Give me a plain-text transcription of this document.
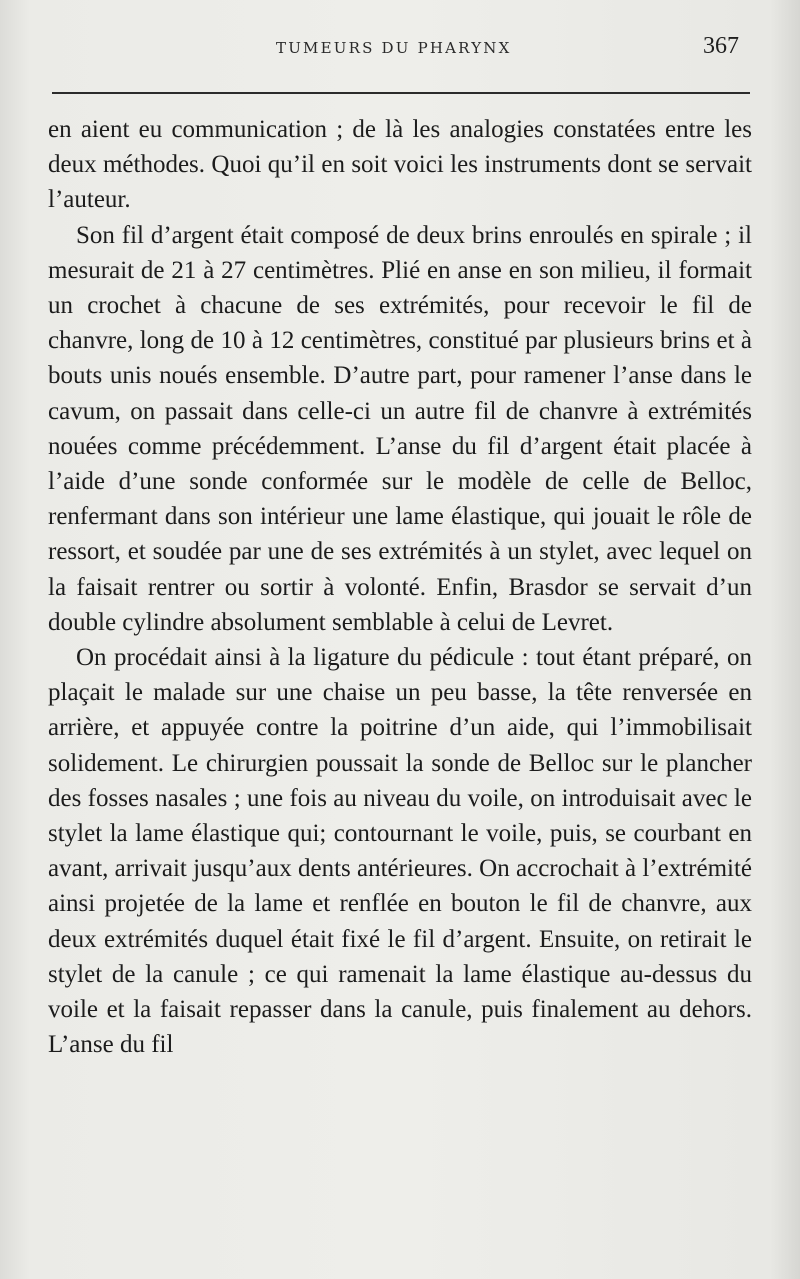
TUMEURS DU PHARYNX	367

en aient eu communication ; de là les analogies constatées entre les deux méthodes. Quoi qu’il en soit voici les instruments dont se servait l’auteur.

Son fil d’argent était composé de deux brins enroulés en spirale ; il mesurait de 21 à 27 centimètres. Plié en anse en son milieu, il formait un crochet à chacune de ses extrémités, pour recevoir le fil de chanvre, long de 10 à 12 centimètres, constitué par plusieurs brins et à bouts unis noués ensemble. D’autre part, pour ramener l’anse dans le cavum, on passait dans celle-ci un autre fil de chanvre à extrémités nouées comme précédemment. L’anse du fil d’argent était placée à l’aide d’une sonde conformée sur le modèle de celle de Belloc, renfermant dans son intérieur une lame élastique, qui jouait le rôle de ressort, et soudée par une de ses extrémités à un stylet, avec lequel on la faisait rentrer ou sortir à volonté. Enfin, Brasdor se servait d’un double cylindre absolument semblable à celui de Levret.

On procédait ainsi à la ligature du pédicule : tout étant préparé, on plaçait le malade sur une chaise un peu basse, la tête renversée en arrière, et appuyée contre la poitrine d’un aide, qui l’immobilisait solidement. Le chirurgien poussait la sonde de Belloc sur le plancher des fosses nasales ; une fois au niveau du voile, on introduisait avec le stylet la lame élastique qui; contournant le voile, puis, se courbant en avant, arrivait jusqu’aux dents antérieures. On accrochait à l’extrémité ainsi projetée de la lame et renflée en bouton le fil de chanvre, aux deux extrémités duquel était fixé le fil d’argent. Ensuite, on retirait le stylet de la canule ; ce qui ramenait la lame élastique au-dessus du voile et la faisait repasser dans la canule, puis finalement au dehors. L’anse du fil
